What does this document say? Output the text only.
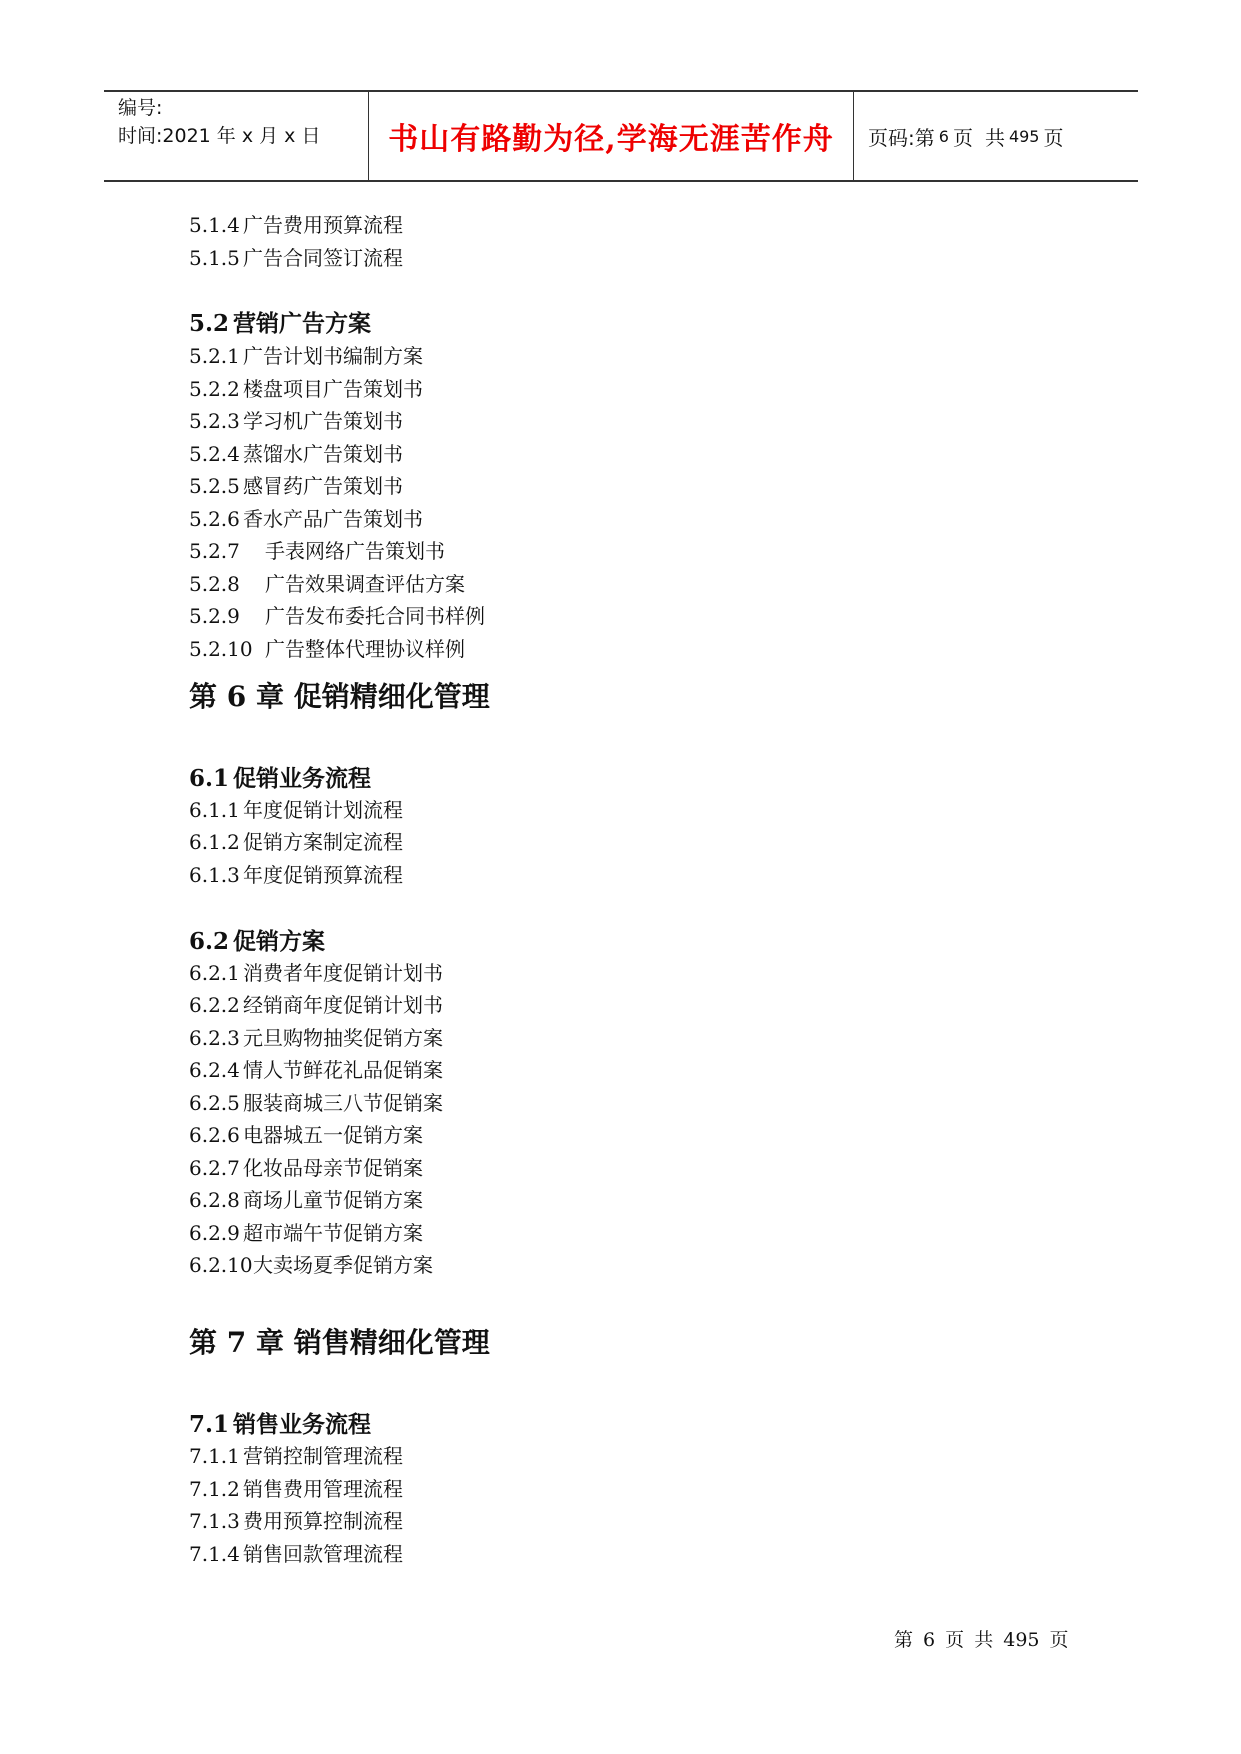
编号:
时间:2021 年 x 月 x 日	书山有路勤为径,学海无涯苦作舟 页码:第 6 页 共 495 页
5.1.4 广告费用预算流程
5.1.5 广告合同签订流程
5.2 营销广告方案
5.2.1 广告计划书编制方案
5.2.2 楼盘项目广告策划书
5.2.3 学习机广告策划书
5.2.4 蒸馏水广告策划书
5.2.5 感冒药广告策划书
5.2.6 香水产品广告策划书
5.2.7 手表网络广告策划书
5.2.8 广告效果调查评估方案
5.2.9 广告发布委托合同书样例
5.2.10 广告整体代理协议样例
第 6 章 促销精细化管理
6.1 促销业务流程
6.1.1 年度促销计划流程
6.1.2 促销方案制定流程
6.1.3 年度促销预算流程
6.2 促销方案
6.2.1 消费者年度促销计划书
6.2.2 经销商年度促销计划书
6.2.3 元旦购物抽奖促销方案
6.2.4 情人节鲜花礼品促销案
6.2.5 服装商城三八节促销案
6.2.6 电器城五一促销方案
6.2.7 化妆品母亲节促销案
6.2.8 商场儿童节促销方案
6.2.9 超市端午节促销方案
6.2.10大卖场夏季促销方案
第 7 章 销售精细化管理
7.1 销售业务流程
7.1.1 营销控制管理流程
7.1.2 销售费用管理流程
7.1.3 费用预算控制流程
7.1.4 销售回款管理流程
第 6 页 共 495 页
